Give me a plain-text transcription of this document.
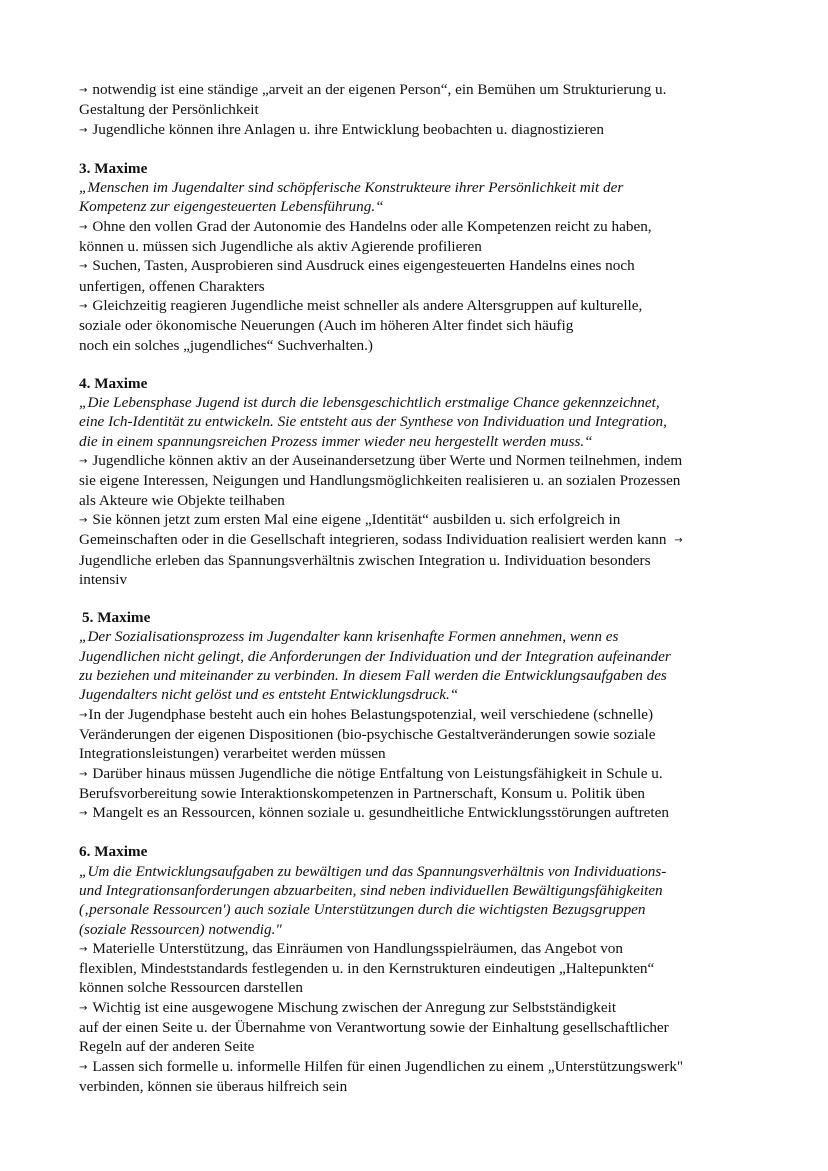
→ notwendig ist eine ständige „arveit an der eigenen Person“, ein Bemühen um Strukturierung u.
Gestaltung der Persönlichkeit
→ Jugendliche können ihre Anlagen u. ihre Entwicklung beobachten u. diagnostizieren
3. Maxime
„Menschen im Jugendalter sind schöpferische Konstrukteure ihrer Persönlichkeit mit der
Kompetenz zur eigengesteuerten Lebensführung.“
→ Ohne den vollen Grad der Autonomie des Handelns oder alle Kompetenzen reicht zu haben,
können u. müssen sich Jugendliche als aktiv Agierende profilieren
→ Suchen, Tasten, Ausprobieren sind Ausdruck eines eigengesteuerten Handelns eines noch
unfertigen, offenen Charakters
→ Gleichzeitig reagieren Jugendliche meist schneller als andere Altersgruppen auf kulturelle,
soziale oder ökonomische Neuerungen (Auch im höheren Alter findet sich häufig
noch ein solches „jugendliches“ Suchverhalten.)
4. Maxime
„Die Lebensphase Jugend ist durch die lebensgeschichtlich erstmalige Chance gekennzeichnet,
eine Ich-Identität zu entwickeln. Sie entsteht aus der Synthese von Individuation und Integration,
die in einem spannungsreichen Prozess immer wieder neu hergestellt werden muss.“
→ Jugendliche können aktiv an der Auseinandersetzung über Werte und Normen teilnehmen, indem
sie eigene Interessen, Neigungen und Handlungsmöglichkeiten realisieren u. an sozialen Prozessen
als Akteure wie Objekte teilhaben
→ Sie können jetzt zum ersten Mal eine eigene „Identität“ ausbilden u. sich erfolgreich in
Gemeinschaften oder in die Gesellschaft integrieren, sodass Individuation realisiert werden kann →
Jugendliche erleben das Spannungsverhältnis zwischen Integration u. Individuation besonders
intensiv
5. Maxime
„Der Sozialisationsprozess im Jugendalter kann krisenhafte Formen annehmen, wenn es
Jugendlichen nicht gelingt, die Anforderungen der Individuation und der Integration aufeinander
zu beziehen und miteinander zu verbinden. In diesem Fall werden die Entwicklungsaufgaben des
Jugendalters nicht gelöst und es entsteht Entwicklungsdruck.“
→In der Jugendphase besteht auch ein hohes Belastungspotenzial, weil verschiedene (schnelle)
Veränderungen der eigenen Dispositionen (bio-psychische Gestaltveränderungen sowie soziale
Integrationsleistungen) verarbeitet werden müssen
→ Darüber hinaus müssen Jugendliche die nötige Entfaltung von Leistungsfähigkeit in Schule u.
Berufsvorbereitung sowie Interaktionskompetenzen in Partnerschaft, Konsum u. Politik üben
→ Mangelt es an Ressourcen, können soziale u. gesundheitliche Entwicklungsstörungen auftreten
6. Maxime
„Um die Entwicklungsaufgaben zu bewältigen und das Spannungsverhältnis von Individuations-
und Integrationsanforderungen abzuarbeiten, sind neben individuellen Bewältigungsfähigkeiten
(‚personale Ressourcen') auch soziale Unterstützungen durch die wichtigsten Bezugsgruppen
(soziale Ressourcen) notwendig."
→ Materielle Unterstützung, das Einräumen von Handlungsspielräumen, das Angebot von
flexiblen, Mindeststandards festlegenden u. in den Kernstrukturen eindeutigen „Haltepunkten“
können solche Ressourcen darstellen
→ Wichtig ist eine ausgewogene Mischung zwischen der Anregung zur Selbstständigkeit
auf der einen Seite u. der Übernahme von Verantwortung sowie der Einhaltung gesellschaftlicher
Regeln auf der anderen Seite
→ Lassen sich formelle u. informelle Hilfen für einen Jugendlichen zu einem „Unterstützungswerk"
verbinden, können sie überaus hilfreich sein
